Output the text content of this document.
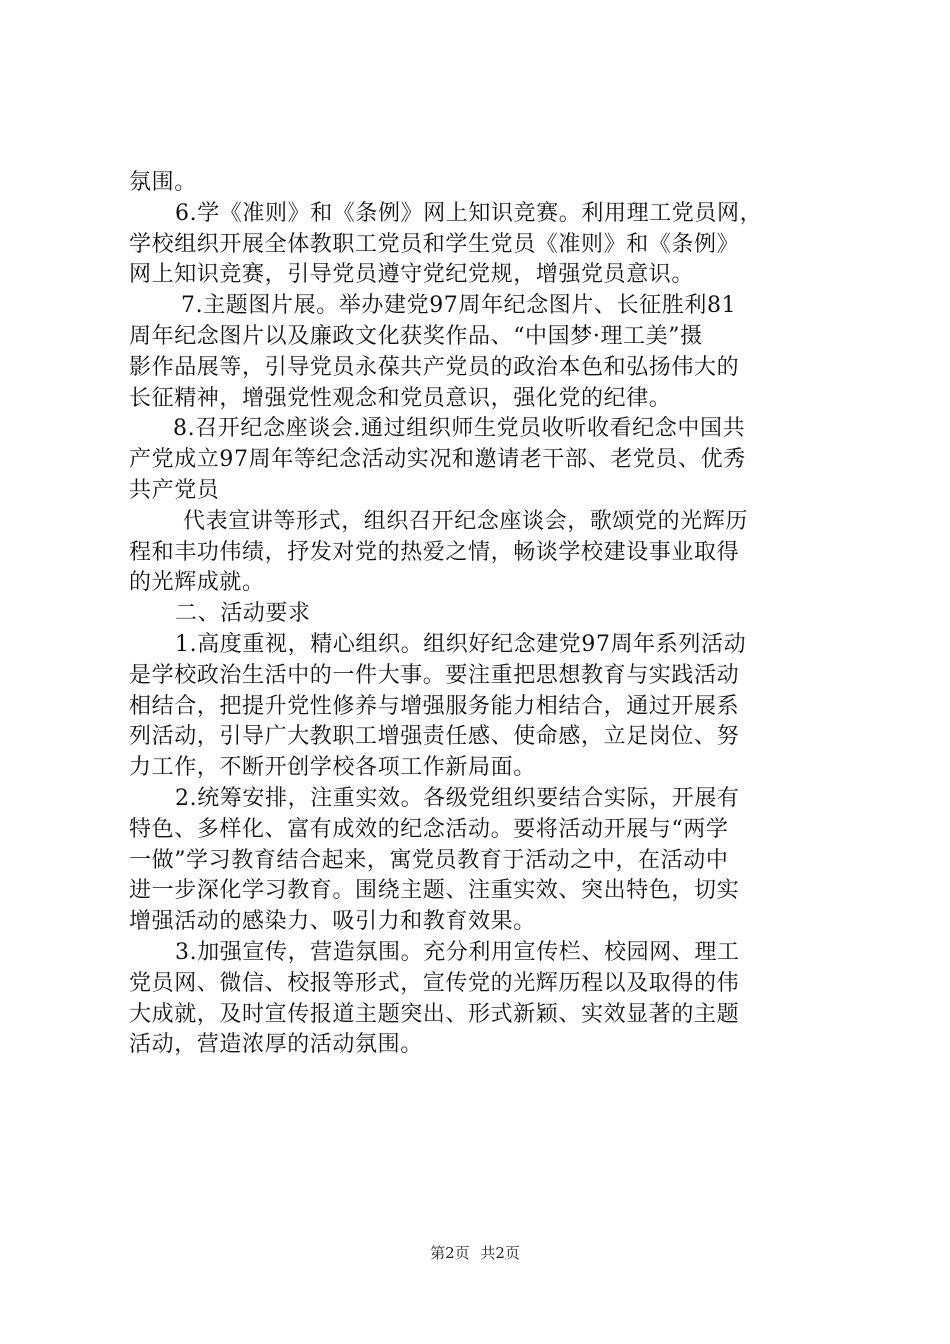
氛围。
6.学《准则》和《条例》网上知识竞赛。利用理工党员网，
学校组织开展全体教职工党员和学生党员《准则》和《条例》
网上知识竞赛，引导党员遵守党纪党规，增强党员意识。
7.主题图片展。举办建党97周年纪念图片、长征胜利81
周年纪念图片以及廉政文化获奖作品、“中国梦·理工美”摄
影作品展等，引导党员永葆共产党员的政治本色和弘扬伟大的
长征精神，增强党性观念和党员意识，强化党的纪律。
8.召开纪念座谈会.通过组织师生党员收听收看纪念中国共
产党成立97周年等纪念活动实况和邀请老干部、老党员、优秀
共产党员
代表宣讲等形式，组织召开纪念座谈会，歌颂党的光辉历
程和丰功伟绩，抒发对党的热爱之情，畅谈学校建设事业取得
的光辉成就。
二、活动要求
1.高度重视，精心组织。组织好纪念建党97周年系列活动
是学校政治生活中的一件大事。要注重把思想教育与实践活动
相结合，把提升党性修养与增强服务能力相结合，通过开展系
列活动，引导广大教职工增强责任感、使命感，立足岗位、努
力工作，不断开创学校各项工作新局面。
2.统筹安排，注重实效。各级党组织要结合实际，开展有
特色、多样化、富有成效的纪念活动。要将活动开展与“两学
一做”学习教育结合起来，寓党员教育于活动之中，在活动中
进一步深化学习教育。围绕主题、注重实效、突出特色，切实
增强活动的感染力、吸引力和教育效果。
3.加强宣传，营造氛围。充分利用宣传栏、校园网、理工
党员网、微信、校报等形式，宣传党的光辉历程以及取得的伟
大成就，及时宣传报道主题突出、形式新颖、实效显著的主题
活动，营造浓厚的活动氛围。
第2页 共2页
